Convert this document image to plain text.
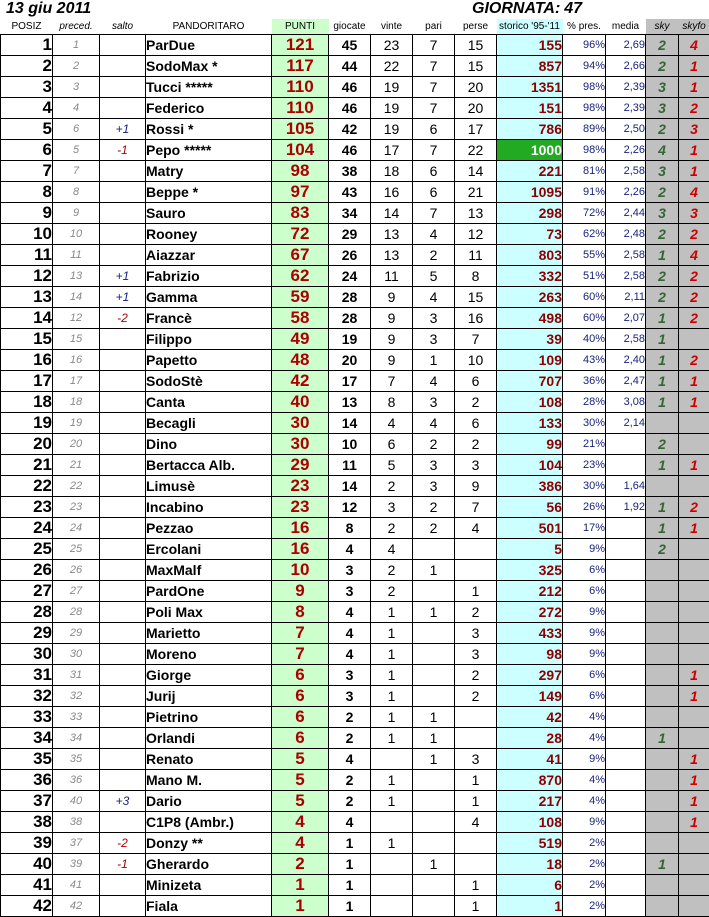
13 giu 2011	GIORNATA: 47
POSIZ	preced.	salto	PANDORITARO	PUNTI	giocate	vinte	pari	perse	storico '95-'11	% pres.	media	sky	skyfo
1	1		ParDue	121	45	23	7	15	155	96%	2,69	2	4
2	2		SodoMax *	117	44	22	7	15	857	94%	2,66	2	1
3	3		Tucci *****	110	46	19	7	20	1351	98%	2,39	3	1
4	4		Federico	110	46	19	7	20	151	98%	2,39	3	2
5	6	+1	Rossi *	105	42	19	6	17	786	89%	2,50	2	3
6	5	-1	Pepo *****	104	46	17	7	22	1000	98%	2,26	4	1
7	7		Matry	98	38	18	6	14	221	81%	2,58	3	1
8	8		Beppe *	97	43	16	6	21	1095	91%	2,26	2	4
9	9		Sauro	83	34	14	7	13	298	72%	2,44	3	3
10	10		Rooney	72	29	13	4	12	73	62%	2,48	2	2
11	11		Aiazzar	67	26	13	2	11	803	55%	2,58	1	4
12	13	+1	Fabrizio	62	24	11	5	8	332	51%	2,58	2	2
13	14	+1	Gamma	59	28	9	4	15	263	60%	2,11	2	2
14	12	-2	Francè	58	28	9	3	16	498	60%	2,07	1	2
15	15		Filippo	49	19	9	3	7	39	40%	2,58	1	
16	16		Papetto	48	20	9	1	10	109	43%	2,40	1	2
17	17		SodoStè	42	17	7	4	6	707	36%	2,47	1	1
18	18		Canta	40	13	8	3	2	108	28%	3,08	1	1
19	19		Becagli	30	14	4	4	6	133	30%	2,14		
20	20		Dino	30	10	6	2	2	99	21%		2	
21	21		Bertacca Alb.	29	11	5	3	3	104	23%		1	1
22	22		Limusè	23	14	2	3	9	386	30%	1,64		
23	23		Incabino	23	12	3	2	7	56	26%	1,92	1	2
24	24		Pezzao	16	8	2	2	4	501	17%		1	1
25	25		Ercolani	16	4	4			5	9%		2	
26	26		MaxMalf	10	3	2	1		325	6%			
27	27		PardOne	9	3	2		1	212	6%			
28	28		Poli Max	8	4	1	1	2	272	9%			
29	29		Marietto	7	4	1		3	433	9%			
30	30		Moreno	7	4	1		3	98	9%			
31	31		Giorge	6	3	1		2	297	6%			1
32	32		Jurij	6	3	1		2	149	6%			1
33	33		Pietrino	6	2	1	1		42	4%			
34	34		Orlandi	6	2	1	1		28	4%		1	
35	35		Renato	5	4		1	3	41	9%			1
36	36		Mano M.	5	2	1		1	870	4%			1
37	40	+3	Dario	5	2	1		1	217	4%			1
38	38		C1P8 (Ambr.)	4	4			4	108	9%			1
39	37	-2	Donzy **	4	1	1			519	2%			
40	39	-1	Gherardo	2	1		1		18	2%		1	
41	41		Minizeta	1	1			1	6	2%			
42	42		Fiala	1	1			1	1	2%			
